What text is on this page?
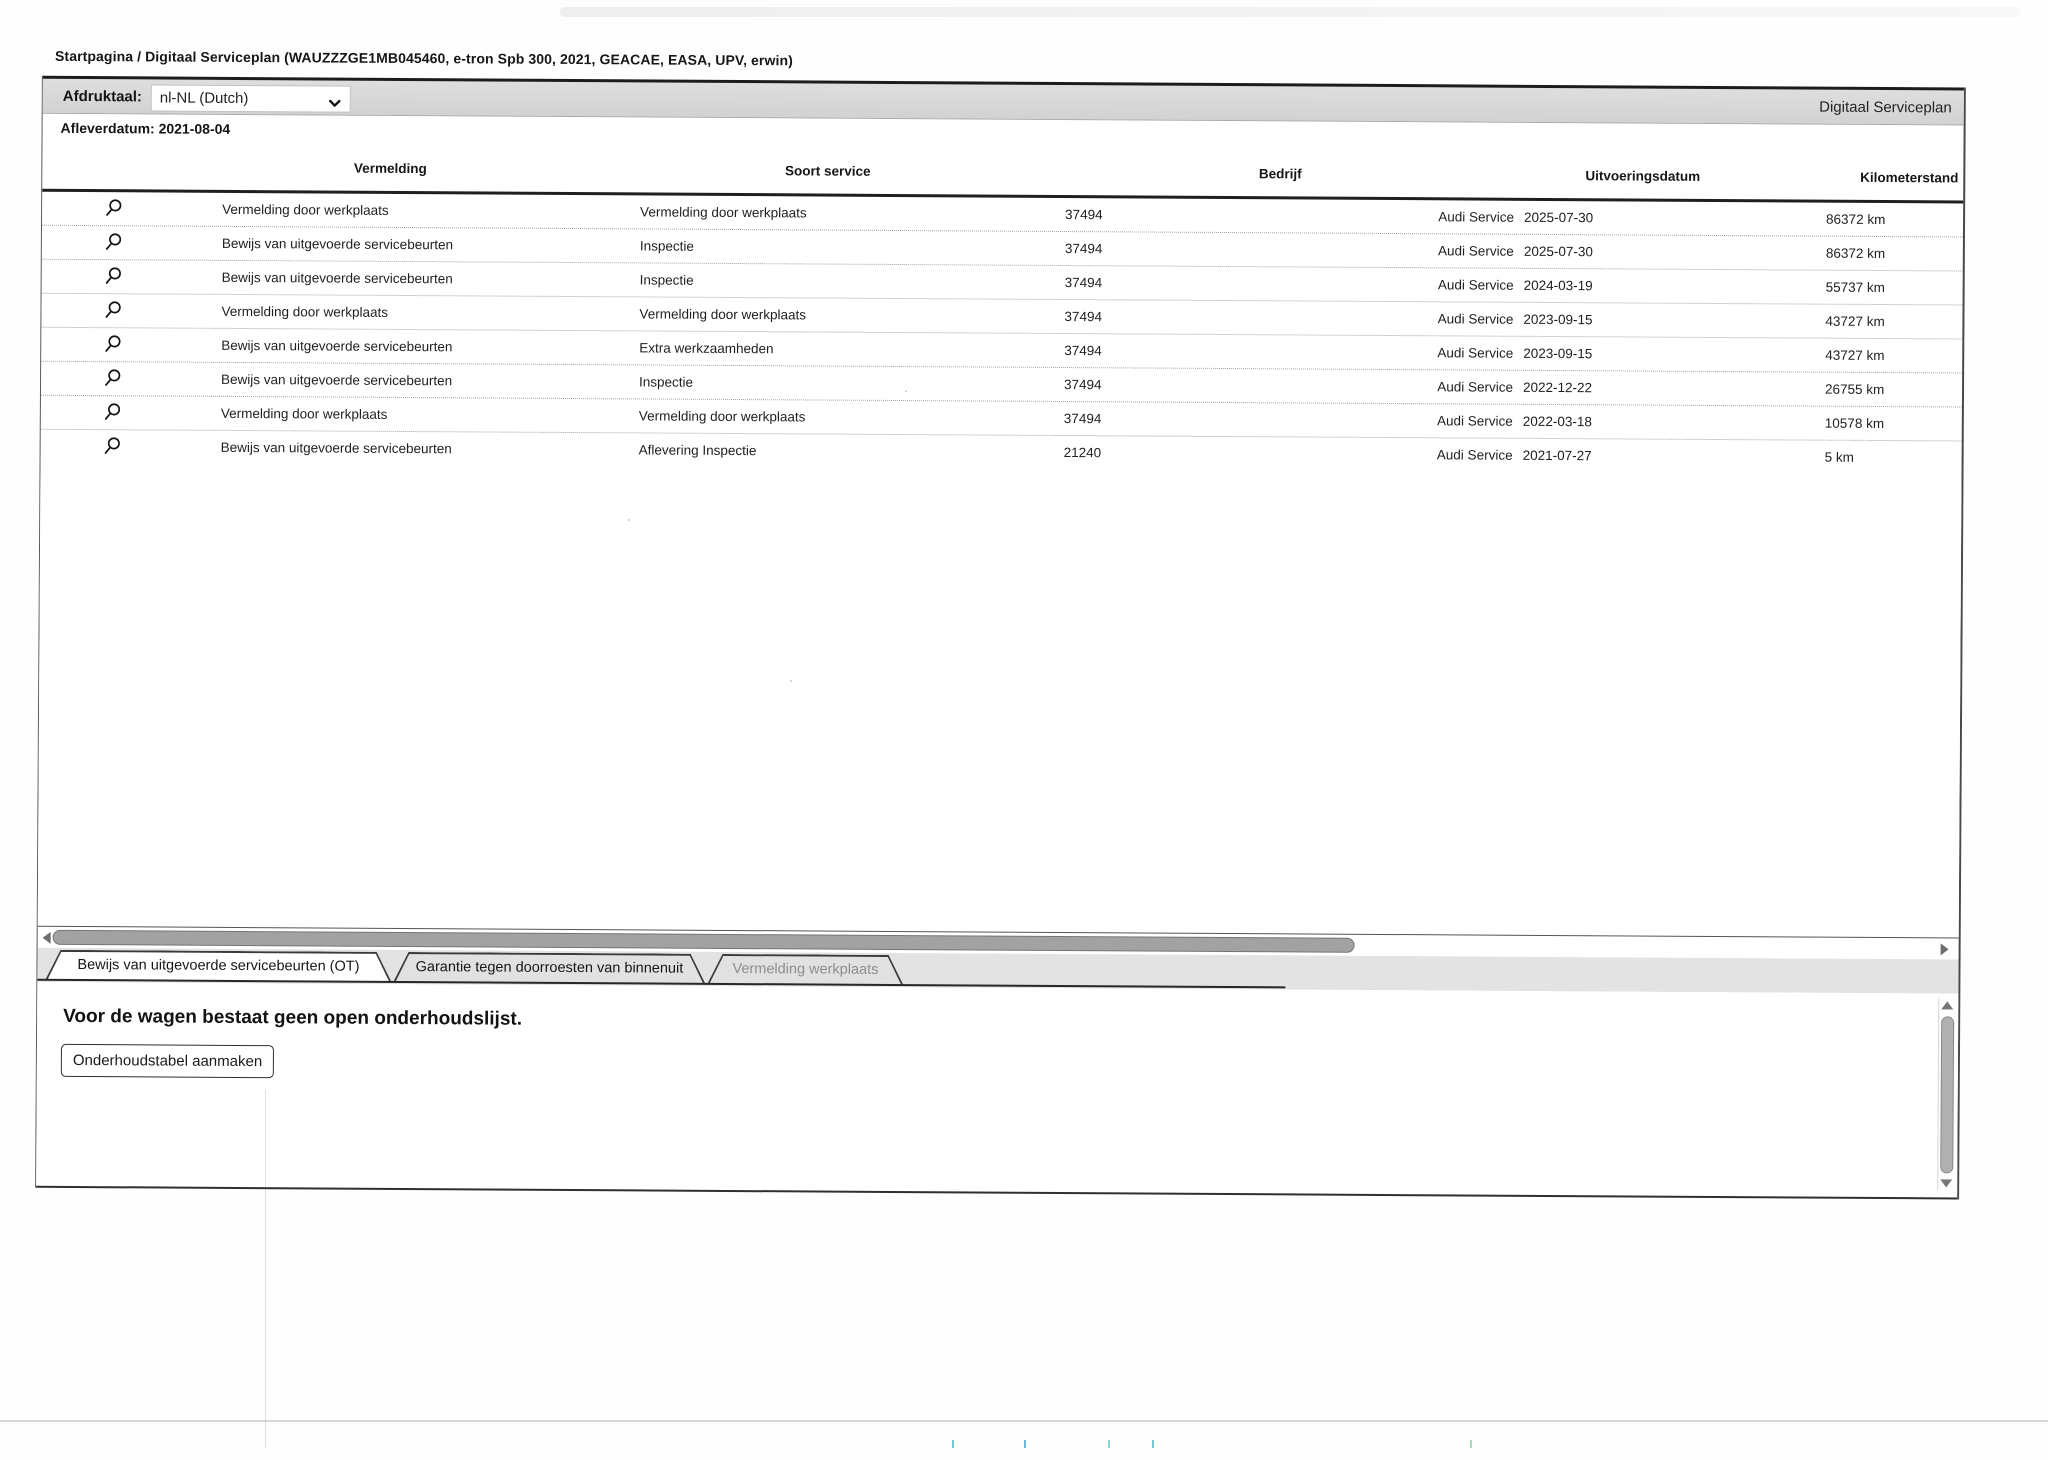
Startpagina / Digitaal Serviceplan (WAUZZZGE1MB045460, e-tron Spb 300, 2021, GEACAE, EASA, UPV, erwin)
Afdruktaal: nl-NL (Dutch)
Digitaal Serviceplan
Afleverdatum: 2021-08-04
Vermelding	Soort service	Bedrijf	Uitvoeringsdatum	Kilometerstand
Vermelding door werkplaats	Vermelding door werkplaats	37494	Audi Service 2025-07-30	86372 km
Bewijs van uitgevoerde servicebeurten	Inspectie	37494	Audi Service 2025-07-30	86372 km
Bewijs van uitgevoerde servicebeurten	Inspectie	37494	Audi Service 2024-03-19	55737 km
Vermelding door werkplaats	Vermelding door werkplaats	37494	Audi Service 2023-09-15	43727 km
Bewijs van uitgevoerde servicebeurten	Extra werkzaamheden	37494	Audi Service 2023-09-15	43727 km
Bewijs van uitgevoerde servicebeurten	Inspectie	37494	Audi Service 2022-12-22	26755 km
Vermelding door werkplaats	Vermelding door werkplaats	37494	Audi Service 2022-03-18	10578 km
Bewijs van uitgevoerde servicebeurten	Aflevering Inspectie	21240	Audi Service 2021-07-27	5 km
Bewijs van uitgevoerde servicebeurten (OT)	Garantie tegen doorroesten van binnenuit	Vermelding werkplaats
Voor de wagen bestaat geen open onderhoudslijst.
Onderhoudstabel aanmaken
